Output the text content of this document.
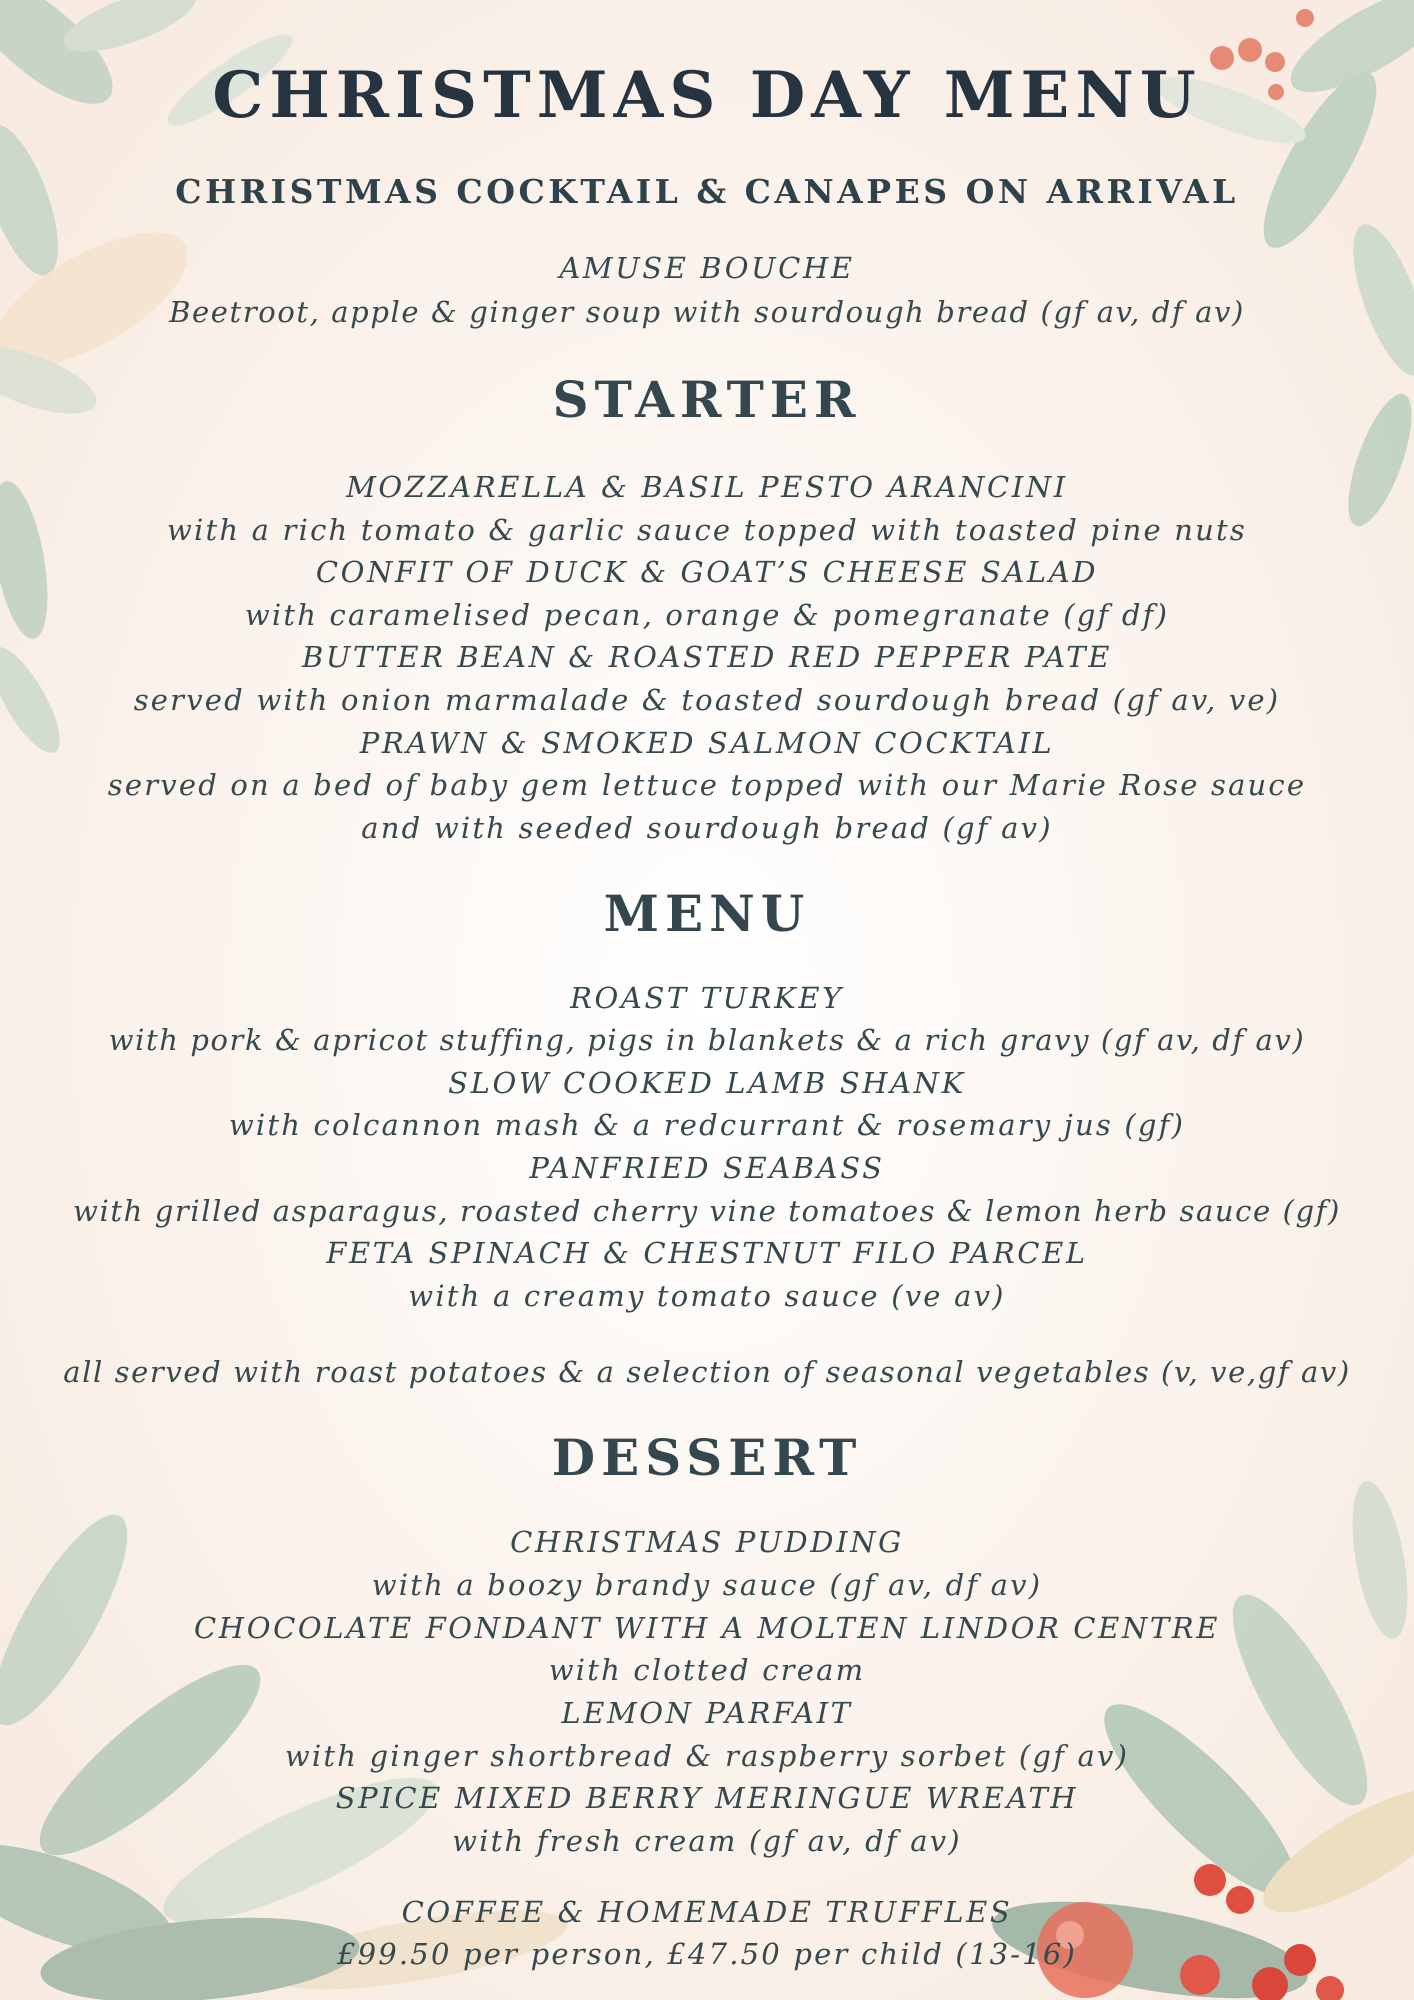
CHRISTMAS DAY MENU
CHRISTMAS COCKTAIL & CANAPES ON ARRIVAL

AMUSE BOUCHE

Beetroot, apple & ginger soup with sourdough bread (gf av, df av)

STARTER

MOZZARELLA & BASIL PESTO ARANCINI

with a rich tomato & garlic sauce topped with toasted pine nuts

CONFIT OF DUCK & GOAT’S CHEESE SALAD

with caramelised pecan, orange & pomegranate (gf df)

BUTTER BEAN & ROASTED RED PEPPER PATE

served with onion marmalade & toasted sourdough bread (gf av, ve)

PRAWN & SMOKED SALMON COCKTAIL

served on a bed of baby gem lettuce topped with our Marie Rose sauce

and with seeded sourdough bread (gf av)

MENU

ROAST TURKEY

with pork & apricot stuffing, pigs in blankets & a rich gravy (gf av, df av)

SLOW COOKED LAMB SHANK

with colcannon mash & a redcurrant & rosemary jus (gf)

PANFRIED SEABASS

with grilled asparagus, roasted cherry vine tomatoes & lemon herb sauce (gf)

FETA SPINACH & CHESTNUT FILO PARCEL

with a creamy tomato sauce (ve av)

all served with roast potatoes & a selection of seasonal vegetables (v, ve,gf av)

DESSERT

CHRISTMAS PUDDING

with a boozy brandy sauce (gf av, df av)

CHOCOLATE FONDANT WITH A MOLTEN LINDOR CENTRE

with clotted cream

LEMON PARFAIT

with ginger shortbread & raspberry sorbet (gf av)

SPICE MIXED BERRY MERINGUE WREATH

with fresh cream (gf av, df av)

COFFEE & HOMEMADE TRUFFLES

£99.50 per person, £47.50 per child (13-16)
